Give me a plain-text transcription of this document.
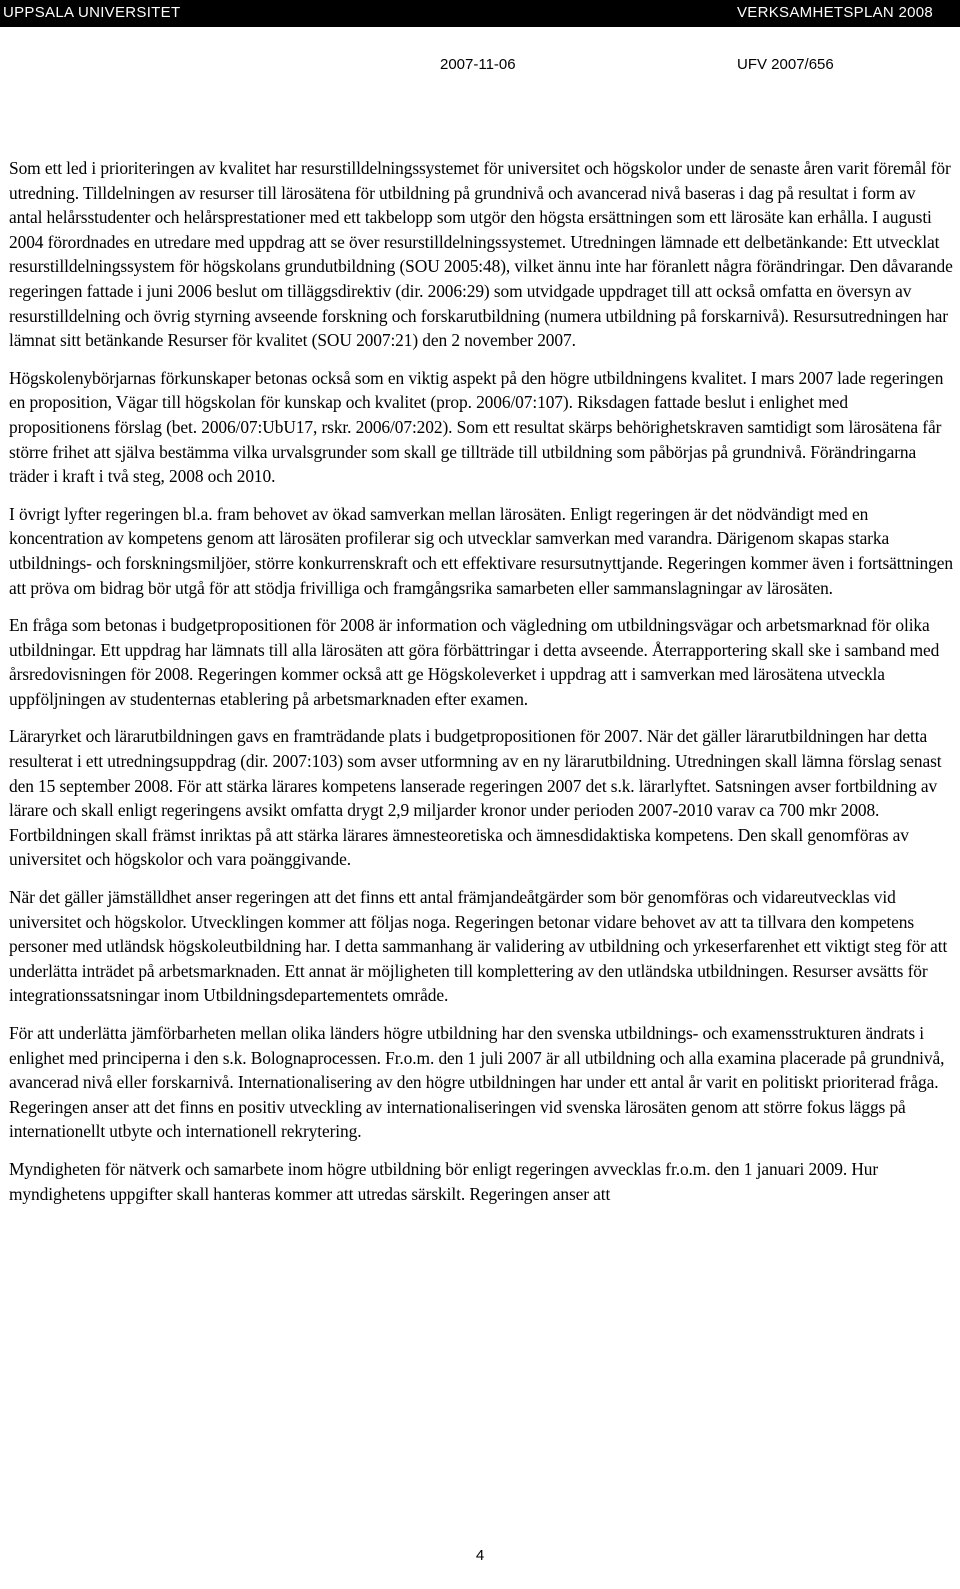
UPPSALA UNIVERSITET	VERKSAMHETSPLAN 2008
2007-11-06	UFV 2007/656

Som ett led i prioriteringen av kvalitet har resurstilldelningssystemet för universitet och högskolor under de senaste åren varit föremål för utredning. Tilldelningen av resurser till lärosätena för utbildning på grundnivå och avancerad nivå baseras i dag på resultat i form av antal helårsstudenter och helårsprestationer med ett takbelopp som utgör den högsta ersättningen som ett lärosäte kan erhålla. I augusti 2004 förordnades en utredare med uppdrag att se över resurstilldelningssystemet. Utredningen lämnade ett delbetänkande: Ett utvecklat resurstilldelningssystem för högskolans grundutbildning (SOU 2005:48), vilket ännu inte har föranlett några förändringar. Den dåvarande regeringen fattade i juni 2006 beslut om tilläggsdirektiv (dir. 2006:29) som utvidgade uppdraget till att också omfatta en översyn av resurstilldelning och övrig styrning avseende forskning och forskarutbildning (numera utbildning på forskarnivå). Resursutredningen har lämnat sitt betänkande Resurser för kvalitet (SOU 2007:21) den 2 november 2007.

Högskolenybörjarnas förkunskaper betonas också som en viktig aspekt på den högre utbildningens kvalitet. I mars 2007 lade regeringen en proposition, Vägar till högskolan för kunskap och kvalitet (prop. 2006/07:107). Riksdagen fattade beslut i enlighet med propositionens förslag (bet. 2006/07:UbU17, rskr. 2006/07:202). Som ett resultat skärps behörighetskraven samtidigt som lärosätena får större frihet att själva bestämma vilka urvalsgrunder som skall ge tillträde till utbildning som påbörjas på grundnivå. Förändringarna träder i kraft i två steg, 2008 och 2010.

I övrigt lyfter regeringen bl.a. fram behovet av ökad samverkan mellan lärosäten. Enligt regeringen är det nödvändigt med en koncentration av kompetens genom att lärosäten profilerar sig och utvecklar samverkan med varandra. Därigenom skapas starka utbildnings- och forskningsmiljöer, större konkurrenskraft och ett effektivare resursutnyttjande. Regeringen kommer även i fortsättningen att pröva om bidrag bör utgå för att stödja frivilliga och framgångsrika samarbeten eller sammanslagningar av lärosäten.

En fråga som betonas i budgetpropositionen för 2008 är information och vägledning om utbildningsvägar och arbetsmarknad för olika utbildningar. Ett uppdrag har lämnats till alla lärosäten att göra förbättringar i detta avseende. Återrapportering skall ske i samband med årsredovisningen för 2008. Regeringen kommer också att ge Högskoleverket i uppdrag att i samverkan med lärosätena utveckla uppföljningen av studenternas etablering på arbetsmarknaden efter examen.

Läraryrket och lärarutbildningen gavs en framträdande plats i budgetpropositionen för 2007. När det gäller lärarutbildningen har detta resulterat i ett utredningsuppdrag (dir. 2007:103) som avser utformning av en ny lärarutbildning. Utredningen skall lämna förslag senast den 15 september 2008. För att stärka lärares kompetens lanserade regeringen 2007 det s.k. lärarlyftet. Satsningen avser fortbildning av lärare och skall enligt regeringens avsikt omfatta drygt 2,9 miljarder kronor under perioden 2007-2010 varav ca 700 mkr 2008. Fortbildningen skall främst inriktas på att stärka lärares ämnesteoretiska och ämnesdidaktiska kompetens. Den skall genomföras av universitet och högskolor och vara poänggivande.

När det gäller jämställdhet anser regeringen att det finns ett antal främjandeåtgärder som bör genomföras och vidareutvecklas vid universitet och högskolor. Utvecklingen kommer att följas noga. Regeringen betonar vidare behovet av att ta tillvara den kompetens personer med utländsk högskoleutbildning har. I detta sammanhang är validering av utbildning och yrkeserfarenhet ett viktigt steg för att underlätta inträdet på arbetsmarknaden. Ett annat är möjligheten till komplettering av den utländska utbildningen. Resurser avsätts för integrationssatsningar inom Utbildningsdepartementets område.

För att underlätta jämförbarheten mellan olika länders högre utbildning har den svenska utbildnings- och examensstrukturen ändrats i enlighet med principerna i den s.k. Bolognaprocessen. Fr.o.m. den 1 juli 2007 är all utbildning och alla examina placerade på grundnivå, avancerad nivå eller forskarnivå. Internationalisering av den högre utbildningen har under ett antal år varit en politiskt prioriterad fråga. Regeringen anser att det finns en positiv utveckling av internationaliseringen vid svenska lärosäten genom att större fokus läggs på internationellt utbyte och internationell rekrytering.

Myndigheten för nätverk och samarbete inom högre utbildning bör enligt regeringen avvecklas fr.o.m. den 1 januari 2009. Hur myndighetens uppgifter skall hanteras kommer att utredas särskilt. Regeringen anser att

4
